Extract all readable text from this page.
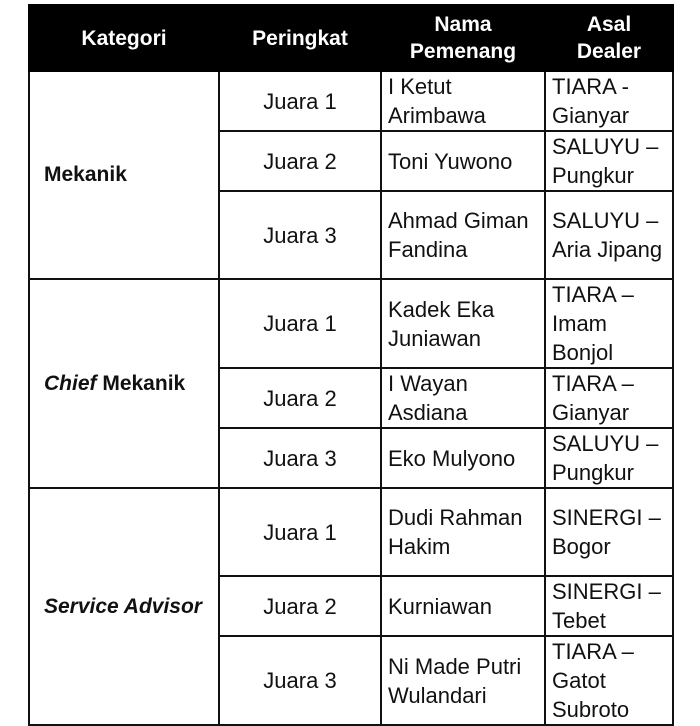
Kategori	Peringkat	Nama Pemenang	Asal Dealer
Mekanik	Juara 1	I Ketut Arimbawa	TIARA - Gianyar
	Juara 2	Toni Yuwono	SALUYU – Pungkur
	Juara 3	Ahmad Giman Fandina	SALUYU – Aria Jipang
Chief Mekanik	Juara 1	Kadek Eka Juniawan	TIARA – Imam Bonjol
	Juara 2	I Wayan Asdiana	TIARA – Gianyar
	Juara 3	Eko Mulyono	SALUYU – Pungkur
Service Advisor	Juara 1	Dudi Rahman Hakim	SINERGI – Bogor
	Juara 2	Kurniawan	SINERGI – Tebet
	Juara 3	Ni Made Putri Wulandari	TIARA – Gatot Subroto
